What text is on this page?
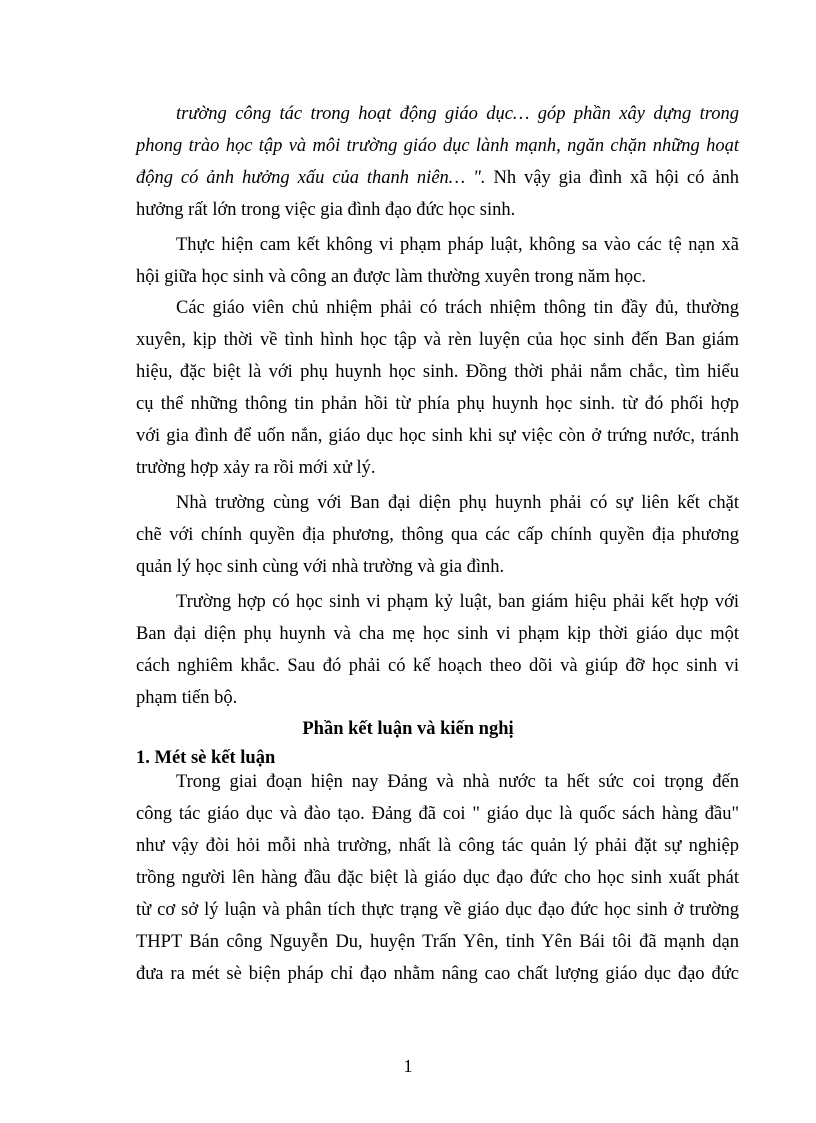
trường công tác trong hoạt động giáo dục… góp phần xây dựng trong
phong trào học tập và môi trường giáo dục lành mạnh, ngăn chặn những hoạt
động có ảnh hưởng xấu của thanh niên… ". Nh vậy gia đình xã hội có ảnh
hưởng rất lớn trong việc gia đình đạo đức học sinh.
Thực hiện cam kết không vi phạm pháp luật, không sa vào các tệ nạn xã
hội giữa học sinh và công an được làm thường xuyên trong năm học.
Các giáo viên chủ nhiệm phải có trách nhiệm thông tin đầy đủ, thường
xuyên, kịp thời về tình hình học tập và rèn luyện của học sinh đến Ban giám
hiệu, đặc biệt là với phụ huynh học sinh. Đồng thời phải nắm chắc, tìm hiểu
cụ thể những thông tin phản hồi từ phía phụ huynh học sinh. từ đó phối hợp
với gia đình để uốn nắn, giáo dục học sinh khi sự việc còn ở trứng nước, tránh
trường hợp xảy ra rồi mới xử lý.
Nhà trường cùng với Ban đại diện phụ huynh phải có sự liên kết chặt
chẽ với chính quyền địa phương, thông qua các cấp chính quyền địa phương
quản lý học sinh cùng với nhà trường và gia đình.
Trường hợp có học sinh vi phạm kỷ luật, ban giám hiệu phải kết hợp với
Ban đại diện phụ huynh và cha mẹ học sinh vi phạm kịp thời giáo dục một
cách nghiêm khắc. Sau đó phải có kế hoạch theo dõi và giúp đỡ học sinh vi
phạm tiến bộ.
Phần kết luận và kiến nghị
1. Mét sè kết luận
Trong giai đoạn hiện nay Đảng và nhà nước ta hết sức coi trọng đến
công tác giáo dục và đào tạo. Đảng đã coi " giáo dục là quốc sách hàng đầu"
như vậy đòi hỏi mỗi nhà trường, nhất là công tác quản lý phải đặt sự nghiệp
trồng người lên hàng đầu đặc biệt là giáo dục đạo đức cho học sinh xuất phát
từ cơ sở lý luận và phân tích thực trạng về giáo dục đạo đức học sinh ở trường
THPT Bán công Nguyễn Du, huyện Trấn Yên, tỉnh Yên Bái tôi đã mạnh dạn
đưa ra mét sè biện pháp chỉ đạo nhằm nâng cao chất lượng giáo dục đạo đức
1
